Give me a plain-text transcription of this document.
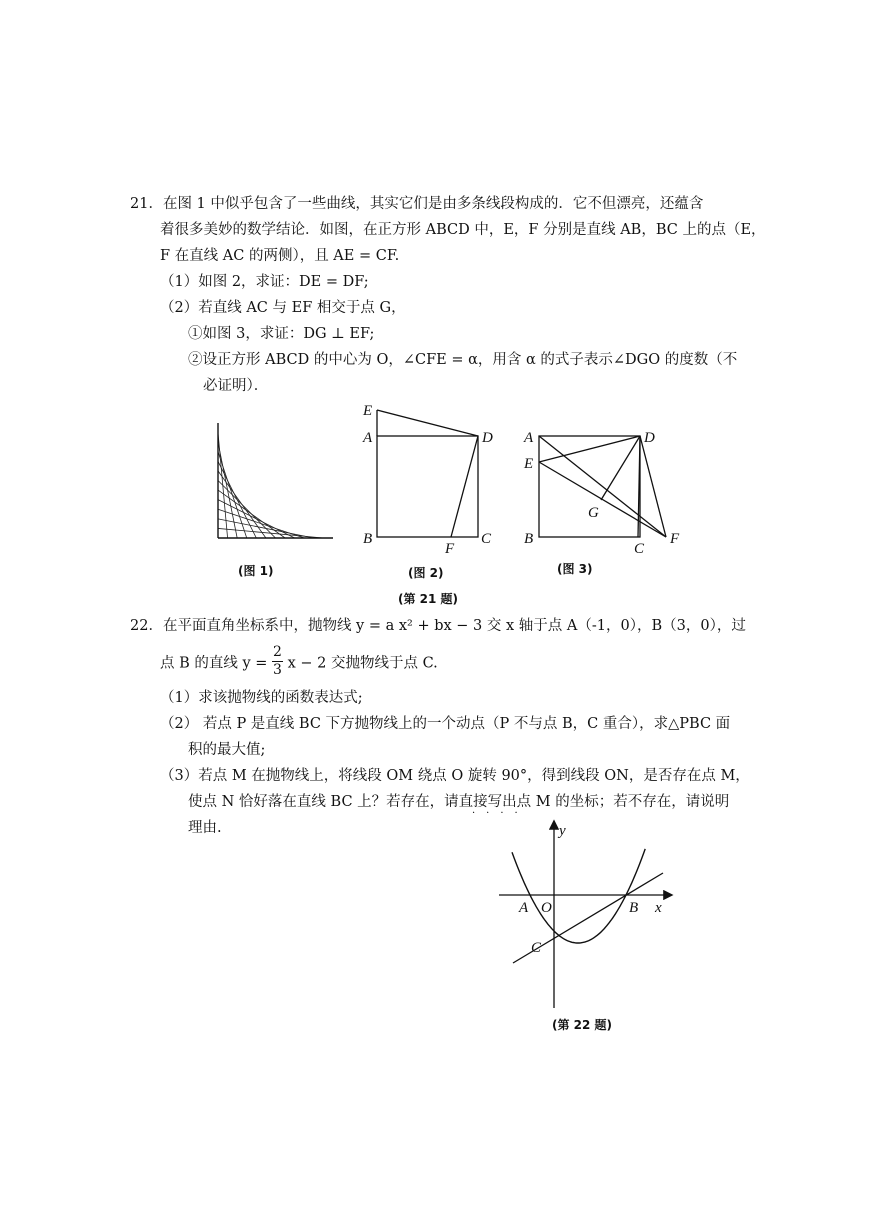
21．在图 1 中似乎包含了一些曲线，其实它们是由多条线段构成的．它不但漂亮，还蕴含
着很多美妙的数学结论．如图，在正方形 ABCD 中，E，F 分别是直线 AB，BC 上的点（E，
F 在直线 AC 的两侧），且 AE = CF.
（1）如图 2，求证：DE = DF;
（2）若直线 AC 与 EF 相交于点 G，
①如图 3，求证：DG ⊥ EF;
②设正方形 ABCD 的中心为 O，∠CFE = α，用含 α 的式子表示∠DGO 的度数（不
必证明）．
(图 1)
E
A	D
B
F
C
(图 2)
A	D
E
G
B
C
F
(图 3)
(第 21 题)
22．在平面直角坐标系中，抛物线 y = a x² + bx − 3 交 x 轴于点 A（-1，0），B（3，0），过
点 B 的直线 $y = \frac{2}{3}$ x − 2 交抛物线于点 C.
（1）求该抛物线的函数表达式;
（2） 若点 P 是直线 BC 下方抛物线上的一个动点（P 不与点 B，C 重合），求△PBC 面
积的最大值;
（3）若点 M 在抛物线上，将线段 OM 绕点 O 旋转 90°，得到线段 ON，是否存在点 M，
使点 N 恰好落在直线 BC 上？若存在，请直接写出点 M 的坐标；若不存在，请说明
····
理由.	y
x
A O	B
C
(第 22 题)
